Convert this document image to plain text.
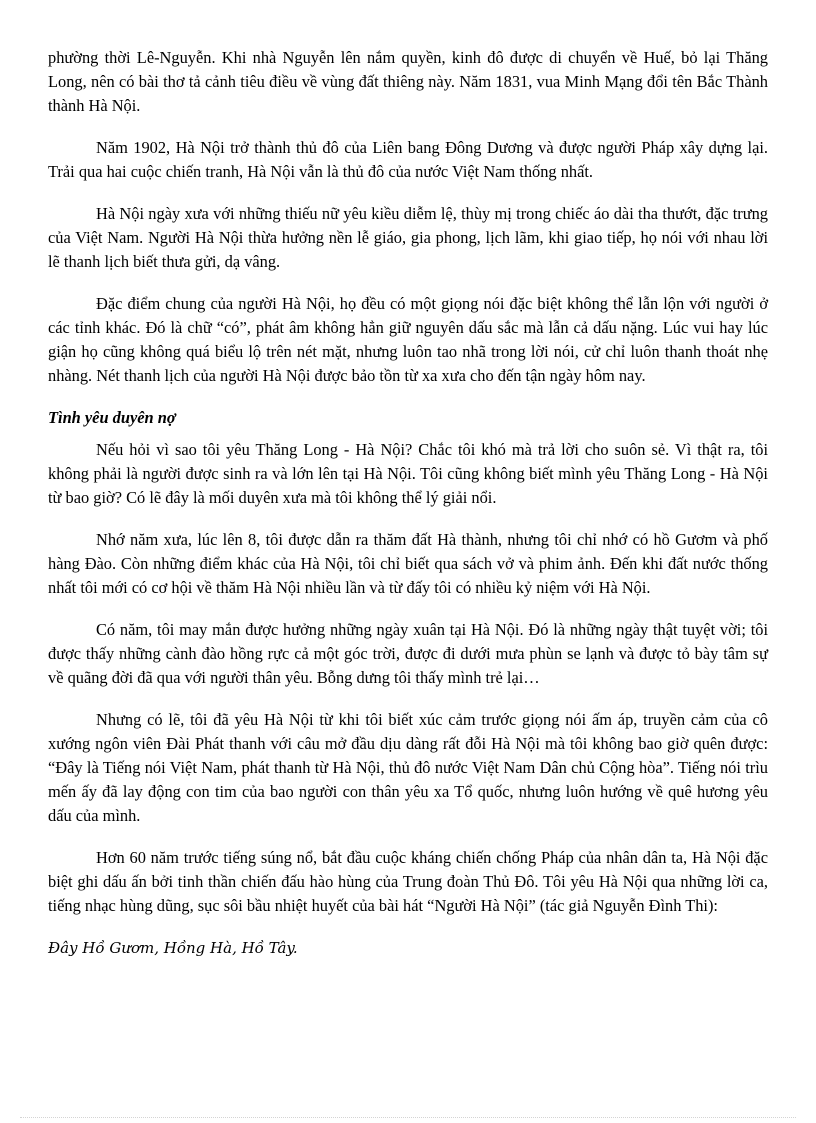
phường thời Lê-Nguyễn. Khi nhà Nguyễn lên nắm quyền, kinh đô được di chuyển về Huế, bỏ lại Thăng Long, nên có bài thơ tả cảnh tiêu điều về vùng đất thiêng này. Năm 1831, vua Minh Mạng đổi tên Bắc Thành thành Hà Nội.

Năm 1902, Hà Nội trở thành thủ đô của Liên bang Đông Dương và được người Pháp xây dựng lại. Trải qua hai cuộc chiến tranh, Hà Nội vẫn là thủ đô của nước Việt Nam thống nhất.

Hà Nội ngày xưa với những thiếu nữ yêu kiều diễm lệ, thùy mị trong chiếc áo dài tha thướt, đặc trưng của Việt Nam. Người Hà Nội thừa hưởng nền lễ giáo, gia phong, lịch lãm, khi giao tiếp, họ nói với nhau lời lẽ thanh lịch biết thưa gửi, dạ vâng.

Đặc điểm chung của người Hà Nội, họ đều có một giọng nói đặc biệt không thể lẫn lộn với người ở các tỉnh khác. Đó là chữ “có”, phát âm không hẳn giữ nguyên dấu sắc mà lẫn cả dấu nặng. Lúc vui hay lúc giận họ cũng không quá biểu lộ trên nét mặt, nhưng luôn tao nhã trong lời nói, cử chỉ luôn thanh thoát nhẹ nhàng. Nét thanh lịch của người Hà Nội được bảo tồn từ xa xưa cho đến tận ngày hôm nay.

Tình yêu duyên nợ

Nếu hỏi vì sao tôi yêu Thăng Long - Hà Nội? Chắc tôi khó mà trả lời cho suôn sẻ. Vì thật ra, tôi không phải là người được sinh ra và lớn lên tại Hà Nội. Tôi cũng không biết mình yêu Thăng Long - Hà Nội từ bao giờ? Có lẽ đây là mối duyên xưa mà tôi không thể lý giải nổi.

Nhớ năm xưa, lúc lên 8, tôi được dẫn ra thăm đất Hà thành, nhưng tôi chỉ nhớ có hồ Gươm và phố hàng Đào. Còn những điểm khác của Hà Nội, tôi chỉ biết qua sách vở và phim ảnh. Đến khi đất nước thống nhất tôi mới có cơ hội về thăm Hà Nội nhiều lần và từ đấy tôi có nhiều kỷ niệm với Hà Nội.

Có năm, tôi may mắn được hưởng những ngày xuân tại Hà Nội. Đó là những ngày thật tuyệt vời; tôi được thấy những cành đào hồng rực cả một góc trời, được đi dưới mưa phùn se lạnh và được tỏ bày tâm sự về quãng đời đã qua với người thân yêu. Bỗng dưng tôi thấy mình trẻ lại…

Nhưng có lẽ, tôi đã yêu Hà Nội từ khi tôi biết xúc cảm trước giọng nói ấm áp, truyền cảm của cô xướng ngôn viên Đài Phát thanh với câu mở đầu dịu dàng rất đỗi Hà Nội mà tôi không bao giờ quên được: “Đây là Tiếng nói Việt Nam, phát thanh từ Hà Nội, thủ đô nước Việt Nam Dân chủ Cộng hòa”. Tiếng nói trìu mến ấy đã lay động con tim của bao người con thân yêu xa Tổ quốc, nhưng luôn hướng về quê hương yêu dấu của mình.

Hơn 60 năm trước tiếng súng nổ, bắt đầu cuộc kháng chiến chống Pháp của nhân dân ta, Hà Nội đặc biệt ghi dấu ấn bởi tinh thần chiến đấu hào hùng của Trung đoàn Thủ Đô. Tôi yêu Hà Nội qua những lời ca, tiếng nhạc hùng dũng, sục sôi bầu nhiệt huyết của bài hát “Người Hà Nội” (tác giả Nguyễn Đình Thi):

Đây Hồ Gươm, Hồng Hà, Hồ Tây.
